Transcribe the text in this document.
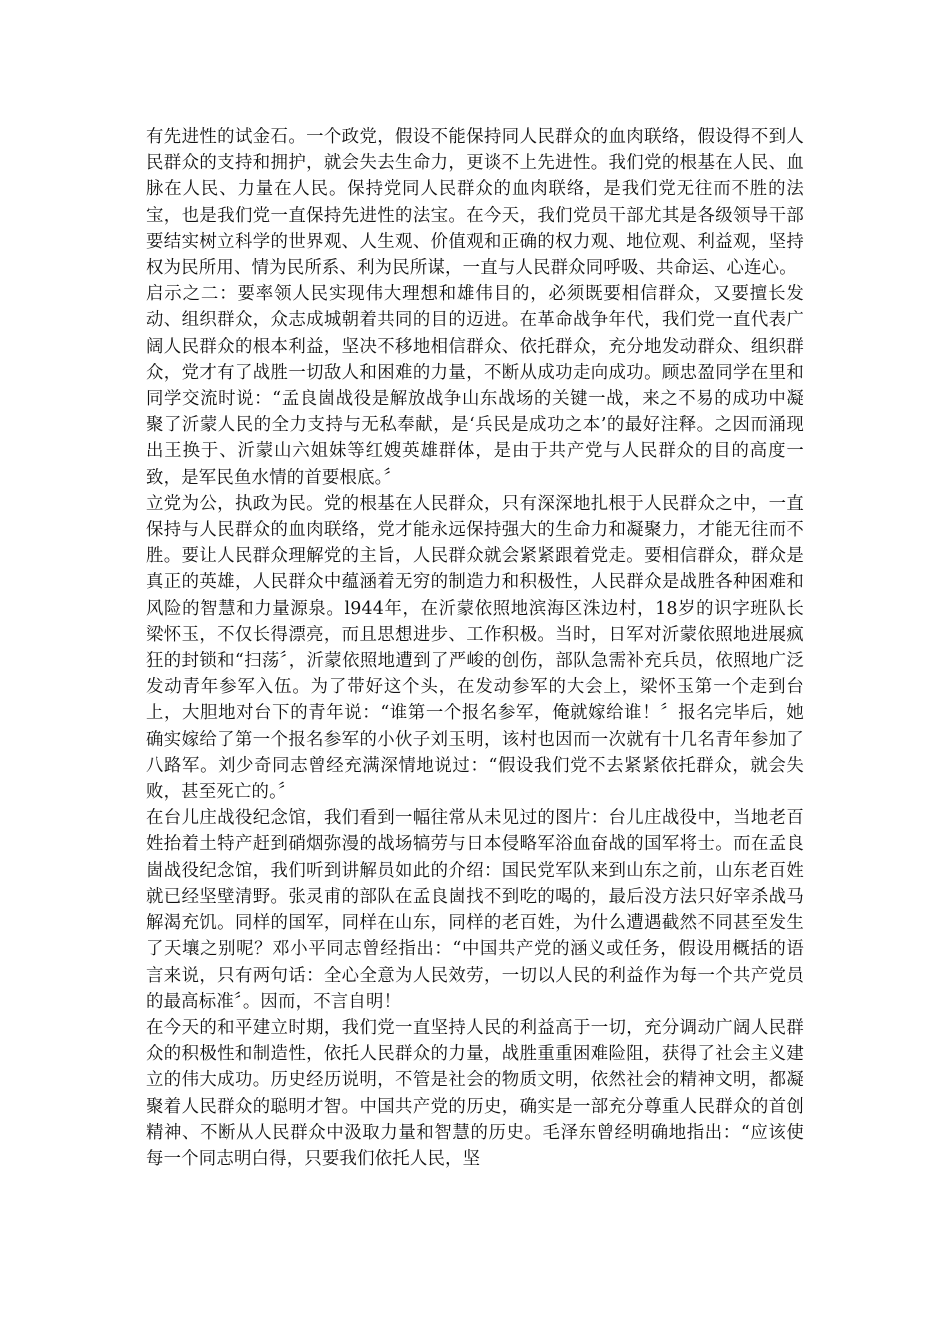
有先进性的试金石。一个政党，假设不能保持同人民群众的血肉联络，假设得不到人民群众的支持和拥护，就会失去生命力，更谈不上先进性。我们党的根基在人民、血脉在人民、力量在人民。保持党同人民群众的血肉联络，是我们党无往而不胜的法宝，也是我们党一直保持先进性的法宝。在今天，我们党员干部尤其是各级领导干部要结实树立科学的世界观、人生观、价值观和正确的权力观、地位观、利益观，坚持权为民所用、情为民所系、利为民所谋，一直与人民群众同呼吸、共命运、心连心。

启示之二：要率领人民实现伟大理想和雄伟目的，必须既要相信群众，又要擅长发动、组织群众，众志成城朝着共同的目的迈进。在革命战争年代，我们党一直代表广阔人民群众的根本利益，坚决不移地相信群众、依托群众，充分地发动群众、组织群众，党才有了战胜一切敌人和困难的力量，不断从成功走向成功。顾忠盈同学在里和同学交流时说：“孟良崮战役是解放战争山东战场的关键一战，来之不易的成功中凝聚了沂蒙人民的全力支持与无私奉献，是‘兵民是成功之本’的最好注释。之因而涌现出王换于、沂蒙山六姐妹等红嫂英雄群体，是由于共产党与人民群众的目的高度一致，是军民鱼水情的首要根底。〞

立党为公，执政为民。党的根基在人民群众，只有深深地扎根于人民群众之中，一直保持与人民群众的血肉联络，党才能永远保持强大的生命力和凝聚力，才能无往而不胜。要让人民群众理解党的主旨，人民群众就会紧紧跟着党走。要相信群众，群众是真正的英雄，人民群众中蕴涵着无穷的制造力和积极性，人民群众是战胜各种困难和风险的智慧和力量源泉。l944年，在沂蒙依照地滨海区洙边村，18岁的识字班队长梁怀玉，不仅长得漂亮，而且思想进步、工作积极。当时，日军对沂蒙依照地进展疯狂的封锁和“扫荡〞，沂蒙依照地遭到了严峻的创伤，部队急需补充兵员，依照地广泛发动青年参军入伍。为了带好这个头，在发动参军的大会上，梁怀玉第一个走到台上，大胆地对台下的青年说：“谁第一个报名参军，俺就嫁给谁！〞报名完毕后，她确实嫁给了第一个报名参军的小伙子刘玉明，该村也因而一次就有十几名青年参加了八路军。刘少奇同志曾经充满深情地说过：“假设我们党不去紧紧依托群众，就会失败，甚至死亡的。〞

在台儿庄战役纪念馆，我们看到一幅往常从未见过的图片：台儿庄战役中，当地老百姓抬着土特产赶到硝烟弥漫的战场犒劳与日本侵略军浴血奋战的国军将士。而在孟良崮战役纪念馆，我们听到讲解员如此的介绍：国民党军队来到山东之前，山东老百姓就已经坚壁清野。张灵甫的部队在孟良崮找不到吃的喝的，最后没方法只好宰杀战马解渴充饥。同样的国军，同样在山东，同样的老百姓，为什么遭遇截然不同甚至发生了天壤之别呢？邓小平同志曾经指出：“中国共产党的涵义或任务，假设用概括的语言来说，只有两句话：全心全意为人民效劳，一切以人民的利益作为每一个共产党员的最高标准〞。因而，不言自明！

在今天的和平建立时期，我们党一直坚持人民的利益高于一切，充分调动广阔人民群众的积极性和制造性，依托人民群众的力量，战胜重重困难险阻，获得了社会主义建立的伟大成功。历史经历说明，不管是社会的物质文明，依然社会的精神文明，都凝聚着人民群众的聪明才智。中国共产党的历史，确实是一部充分尊重人民群众的首创精神、不断从人民群众中汲取力量和智慧的历史。毛泽东曾经明确地指出：“应该使每一个同志明白得，只要我们依托人民，坚
